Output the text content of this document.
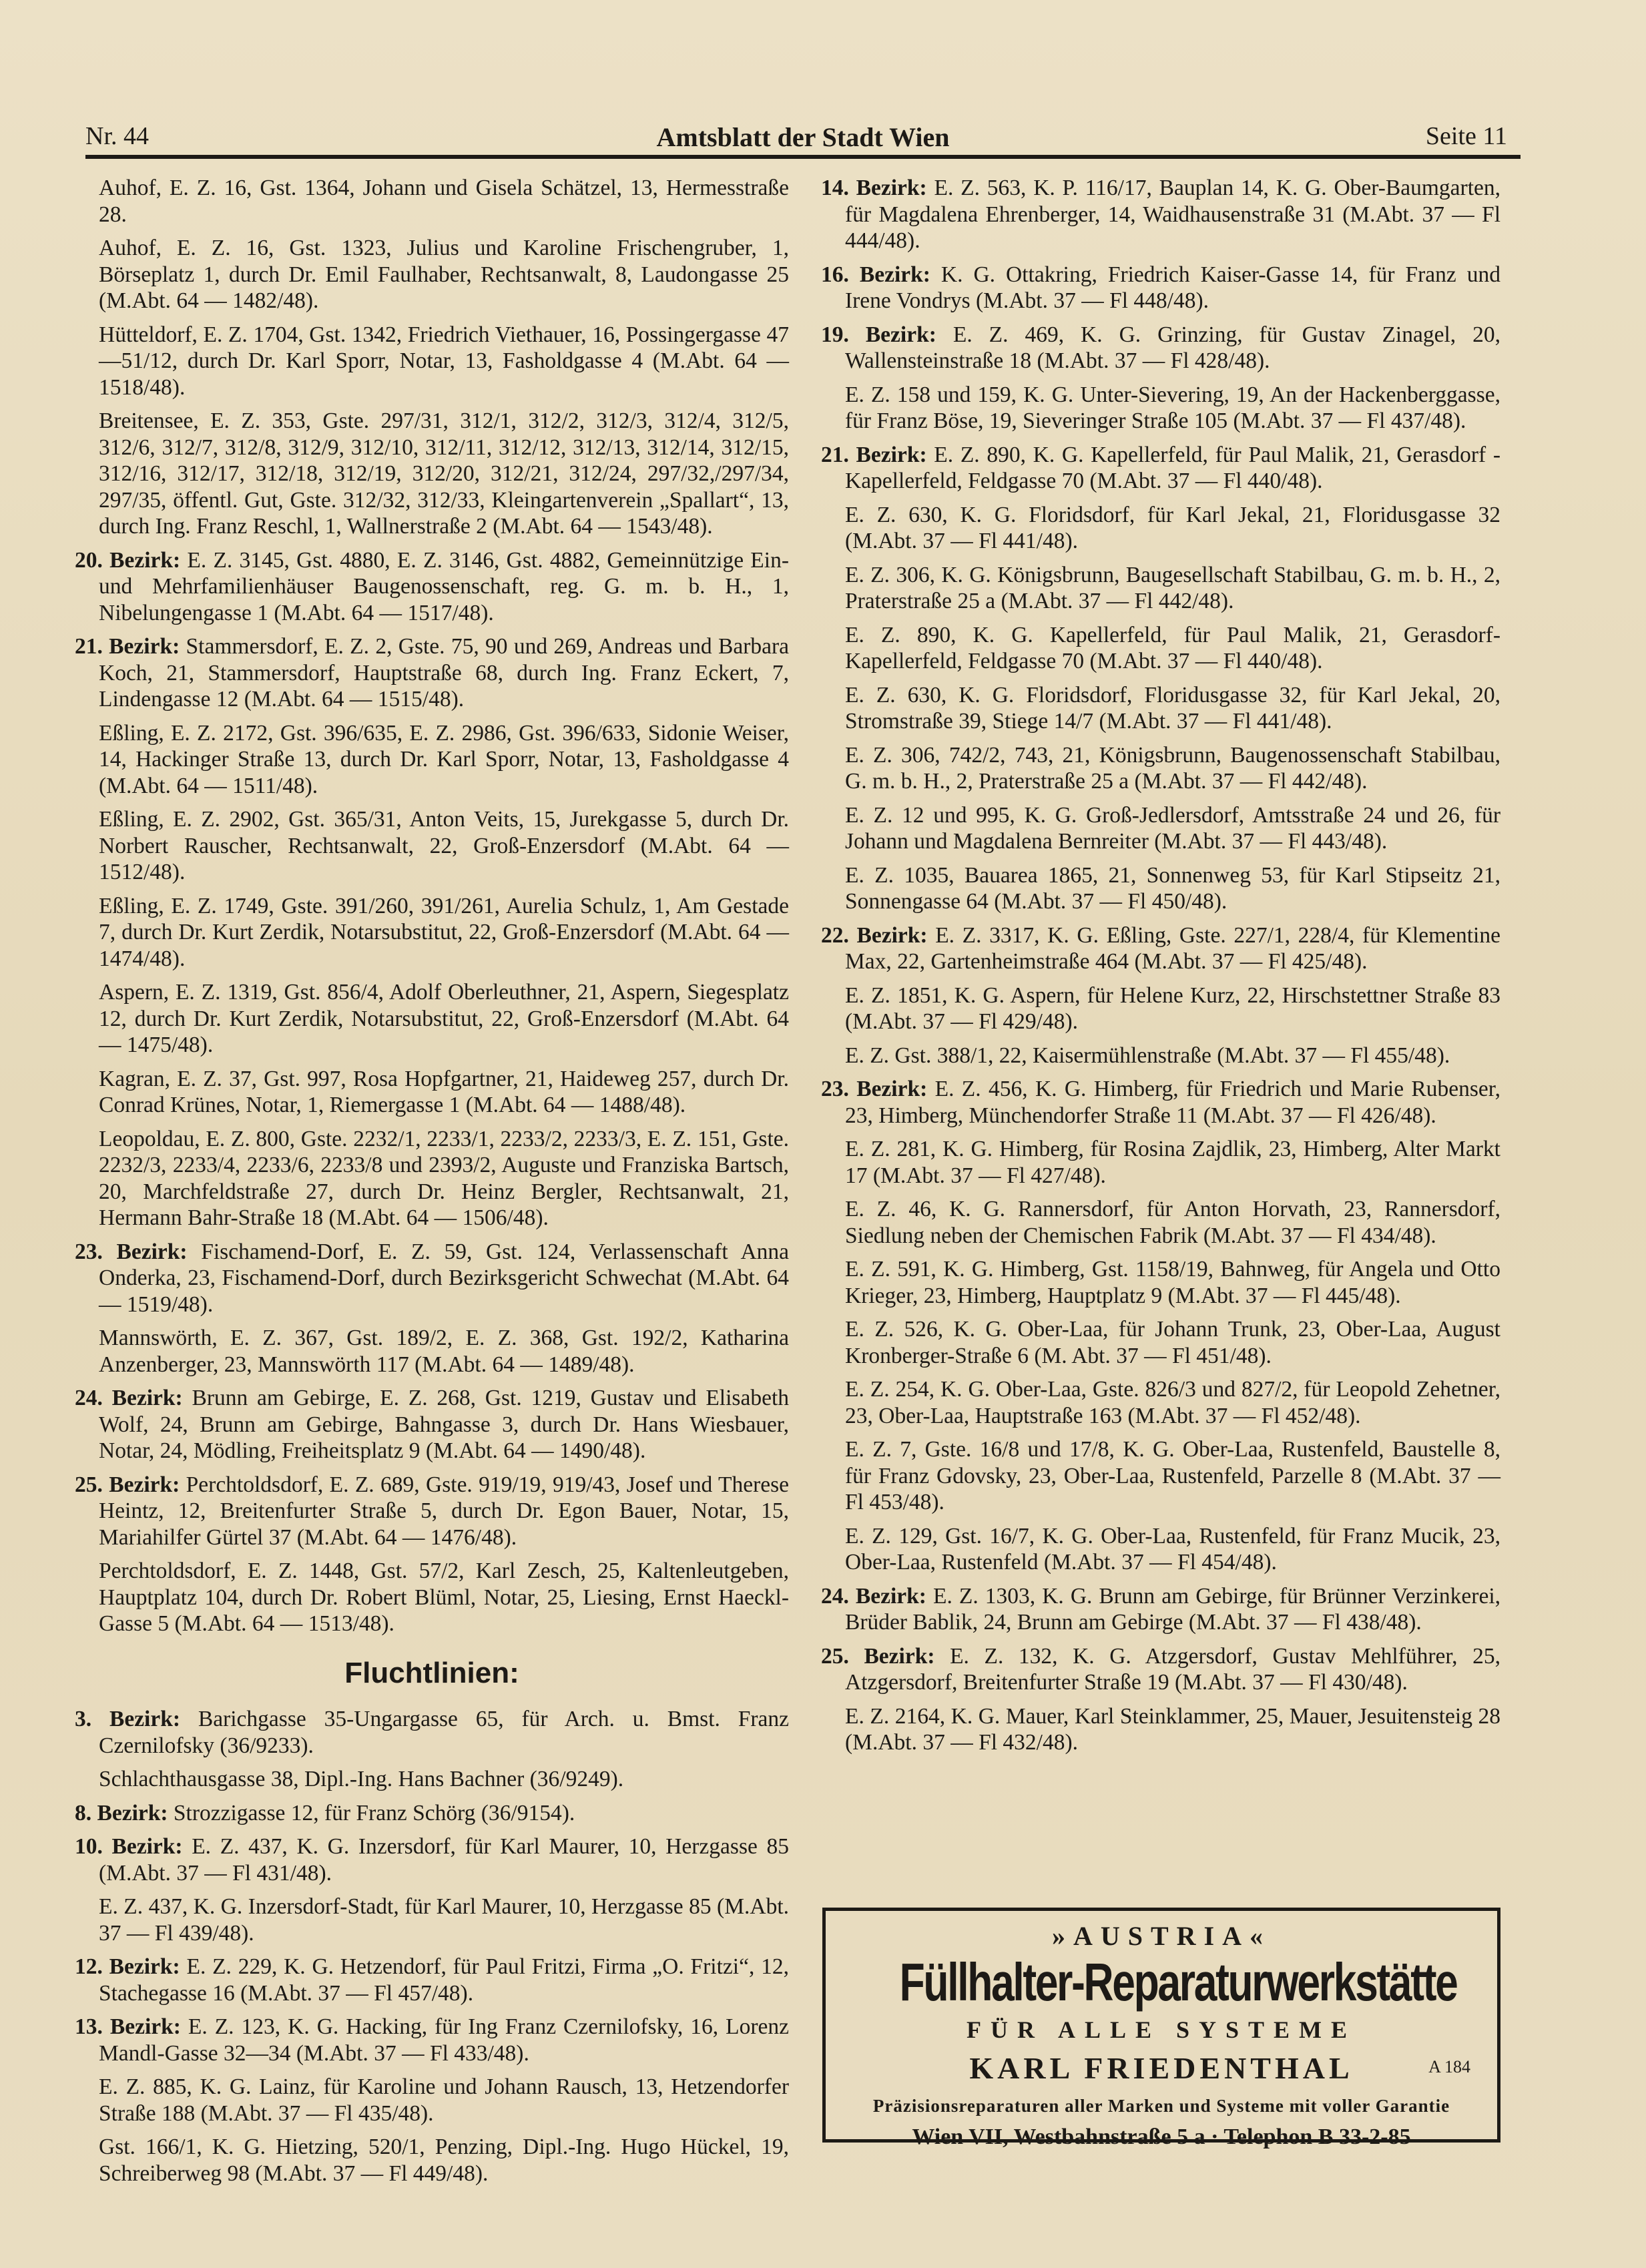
Nr. 44	Amtsblatt der Stadt Wien	Seite 11
Auhof, E. Z. 16, Gst. 1364, Johann und Gisela Schätzel, 13, Hermesstraße 28.
Auhof, E. Z. 16, Gst. 1323, Julius und Karoline Frischengruber, 1, Börseplatz 1, durch Dr. Emil Faulhaber, Rechtsanwalt, 8, Laudongasse 25 (M.Abt. 64 — 1482/48).
Hütteldorf, E. Z. 1704, Gst. 1342, Friedrich Viethauer, 16, Possingergasse 47—51/12, durch Dr. Karl Sporr, Notar, 13, Fasholdgasse 4 (M.Abt. 64 — 1518/48).
Breitensee, E. Z. 353, Gste. 297/31, 312/1, 312/2, 312/3, 312/4, 312/5, 312/6, 312/7, 312/8, 312/9, 312/10, 312/11, 312/12, 312/13, 312/14, 312/15, 312/16, 312/17, 312/18, 312/19, 312/20, 312/21, 312/24, 297/32,/297/34, 297/35, öffentl. Gut, Gste. 312/32, 312/33, Kleingartenverein „Spallart“, 13, durch Ing. Franz Reschl, 1, Wallnerstraße 2 (M.Abt. 64 — 1543/48).
20. Bezirk: E. Z. 3145, Gst. 4880, E. Z. 3146, Gst. 4882, Gemeinnützige Ein- und Mehrfamilienhäuser Baugenossenschaft, reg. G. m. b. H., 1, Nibelungengasse 1 (M.Abt. 64 — 1517/48).
21. Bezirk: Stammersdorf, E. Z. 2, Gste. 75, 90 und 269, Andreas und Barbara Koch, 21, Stammersdorf, Hauptstraße 68, durch Ing. Franz Eckert, 7, Lindengasse 12 (M.Abt. 64 — 1515/48).
Eßling, E. Z. 2172, Gst. 396/635, E. Z. 2986, Gst. 396/633, Sidonie Weiser, 14, Hackinger Straße 13, durch Dr. Karl Sporr, Notar, 13, Fasholdgasse 4 (M.Abt. 64 — 1511/48).
Eßling, E. Z. 2902, Gst. 365/31, Anton Veits, 15, Jurekgasse 5, durch Dr. Norbert Rauscher, Rechtsanwalt, 22, Groß-Enzersdorf (M.Abt. 64 — 1512/48).
Eßling, E. Z. 1749, Gste. 391/260, 391/261, Aurelia Schulz, 1, Am Gestade 7, durch Dr. Kurt Zerdik, Notarsubstitut, 22, Groß-Enzersdorf (M.Abt. 64 — 1474/48).
Aspern, E. Z. 1319, Gst. 856/4, Adolf Oberleuthner, 21, Aspern, Siegesplatz 12, durch Dr. Kurt Zerdik, Notarsubstitut, 22, Groß-Enzersdorf (M.Abt. 64 — 1475/48).
Kagran, E. Z. 37, Gst. 997, Rosa Hopfgartner, 21, Haideweg 257, durch Dr. Conrad Krünes, Notar, 1, Riemergasse 1 (M.Abt. 64 — 1488/48).
Leopoldau, E. Z. 800, Gste. 2232/1, 2233/1, 2233/2, 2233/3, E. Z. 151, Gste. 2232/3, 2233/4, 2233/6, 2233/8 und 2393/2, Auguste und Franziska Bartsch, 20, Marchfeldstraße 27, durch Dr. Heinz Bergler, Rechtsanwalt, 21, Hermann Bahr-Straße 18 (M.Abt. 64 — 1506/48).
23. Bezirk: Fischamend-Dorf, E. Z. 59, Gst. 124, Verlassenschaft Anna Onderka, 23, Fischamend-Dorf, durch Bezirksgericht Schwechat (M.Abt. 64 — 1519/48).
Mannswörth, E. Z. 367, Gst. 189/2, E. Z. 368, Gst. 192/2, Katharina Anzenberger, 23, Mannswörth 117 (M.Abt. 64 — 1489/48).
24. Bezirk: Brunn am Gebirge, E. Z. 268, Gst. 1219, Gustav und Elisabeth Wolf, 24, Brunn am Gebirge, Bahngasse 3, durch Dr. Hans Wiesbauer, Notar, 24, Mödling, Freiheitsplatz 9 (M.Abt. 64 — 1490/48).
25. Bezirk: Perchtoldsdorf, E. Z. 689, Gste. 919/19, 919/43, Josef und Therese Heintz, 12, Breitenfurter Straße 5, durch Dr. Egon Bauer, Notar, 15, Mariahilfer Gürtel 37 (M.Abt. 64 — 1476/48).
Perchtoldsdorf, E. Z. 1448, Gst. 57/2, Karl Zesch, 25, Kaltenleutgeben, Hauptplatz 104, durch Dr. Robert Blüml, Notar, 25, Liesing, Ernst Haeckl-Gasse 5 (M.Abt. 64 — 1513/48).
Fluchtlinien:
3. Bezirk: Barichgasse 35-Ungargasse 65, für Arch. u. Bmst. Franz Czernilofsky (36/9233).
Schlachthausgasse 38, Dipl.-Ing. Hans Bachner (36/9249).
8. Bezirk: Strozzigasse 12, für Franz Schörg (36/9154).
10. Bezirk: E. Z. 437, K. G. Inzersdorf, für Karl Maurer, 10, Herzgasse 85 (M.Abt. 37 — Fl 431/48).
E. Z. 437, K. G. Inzersdorf-Stadt, für Karl Maurer, 10, Herzgasse 85 (M.Abt. 37 — Fl 439/48).
12. Bezirk: E. Z. 229, K. G. Hetzendorf, für Paul Fritzi, Firma „O. Fritzi“, 12, Stachegasse 16 (M.Abt. 37 — Fl 457/48).
13. Bezirk: E. Z. 123, K. G. Hacking, für Ing Franz Czernilofsky, 16, Lorenz Mandl-Gasse 32—34 (M.Abt. 37 — Fl 433/48).
E. Z. 885, K. G. Lainz, für Karoline und Johann Rausch, 13, Hetzendorfer Straße 188 (M.Abt. 37 — Fl 435/48).
Gst. 166/1, K. G. Hietzing, 520/1, Penzing, Dipl.-Ing. Hugo Hückel, 19, Schreiberweg 98 (M.Abt. 37 — Fl 449/48).
14. Bezirk: E. Z. 563, K. P. 116/17, Bauplan 14, K. G. Ober-Baumgarten, für Magdalena Ehrenberger, 14, Waidhausenstraße 31 (M.Abt. 37 — Fl 444/48).
16. Bezirk: K. G. Ottakring, Friedrich Kaiser-Gasse 14, für Franz und Irene Vondrys (M.Abt. 37 — Fl 448/48).
19. Bezirk: E. Z. 469, K. G. Grinzing, für Gustav Zinagel, 20, Wallensteinstraße 18 (M.Abt. 37 — Fl 428/48).
E. Z. 158 und 159, K. G. Unter-Sievering, 19, An der Hackenberggasse, für Franz Böse, 19, Sieveringer Straße 105 (M.Abt. 37 — Fl 437/48).
21. Bezirk: E. Z. 890, K. G. Kapellerfeld, für Paul Malik, 21, Gerasdorf - Kapellerfeld, Feldgasse 70 (M.Abt. 37 — Fl 440/48).
E. Z. 630, K. G. Floridsdorf, für Karl Jekal, 21, Floridusgasse 32 (M.Abt. 37 — Fl 441/48).
E. Z. 306, K. G. Königsbrunn, Baugesellschaft Stabilbau, G. m. b. H., 2, Praterstraße 25 a (M.Abt. 37 — Fl 442/48).
E. Z. 890, K. G. Kapellerfeld, für Paul Malik, 21, Gerasdorf-Kapellerfeld, Feldgasse 70 (M.Abt. 37 — Fl 440/48).
E. Z. 630, K. G. Floridsdorf, Floridusgasse 32, für Karl Jekal, 20, Stromstraße 39, Stiege 14/7 (M.Abt. 37 — Fl 441/48).
E. Z. 306, 742/2, 743, 21, Königsbrunn, Baugenossenschaft Stabilbau, G. m. b. H., 2, Praterstraße 25 a (M.Abt. 37 — Fl 442/48).
E. Z. 12 und 995, K. G. Groß-Jedlersdorf, Amtsstraße 24 und 26, für Johann und Magdalena Bernreiter (M.Abt. 37 — Fl 443/48).
E. Z. 1035, Bauarea 1865, 21, Sonnenweg 53, für Karl Stipseitz 21, Sonnengasse 64 (M.Abt. 37 — Fl 450/48).
22. Bezirk: E. Z. 3317, K. G. Eßling, Gste. 227/1, 228/4, für Klementine Max, 22, Gartenheimstraße 464 (M.Abt. 37 — Fl 425/48).
E. Z. 1851, K. G. Aspern, für Helene Kurz, 22, Hirschstettner Straße 83 (M.Abt. 37 — Fl 429/48).
E. Z. Gst. 388/1, 22, Kaisermühlenstraße (M.Abt. 37 — Fl 455/48).
23. Bezirk: E. Z. 456, K. G. Himberg, für Friedrich und Marie Rubenser, 23, Himberg, Münchendorfer Straße 11 (M.Abt. 37 — Fl 426/48).
E. Z. 281, K. G. Himberg, für Rosina Zajdlik, 23, Himberg, Alter Markt 17 (M.Abt. 37 — Fl 427/48).
E. Z. 46, K. G. Rannersdorf, für Anton Horvath, 23, Rannersdorf, Siedlung neben der Chemischen Fabrik (M.Abt. 37 — Fl 434/48).
E. Z. 591, K. G. Himberg, Gst. 1158/19, Bahnweg, für Angela und Otto Krieger, 23, Himberg, Hauptplatz 9 (M.Abt. 37 — Fl 445/48).
E. Z. 526, K. G. Ober-Laa, für Johann Trunk, 23, Ober-Laa, August Kronberger-Straße 6 (M. Abt. 37 — Fl 451/48).
E. Z. 254, K. G. Ober-Laa, Gste. 826/3 und 827/2, für Leopold Zehetner, 23, Ober-Laa, Hauptstraße 163 (M.Abt. 37 — Fl 452/48).
E. Z. 7, Gste. 16/8 und 17/8, K. G. Ober-Laa, Rustenfeld, Baustelle 8, für Franz Gdovsky, 23, Ober-Laa, Rustenfeld, Parzelle 8 (M.Abt. 37 — Fl 453/48).
E. Z. 129, Gst. 16/7, K. G. Ober-Laa, Rustenfeld, für Franz Mucik, 23, Ober-Laa, Rustenfeld (M.Abt. 37 — Fl 454/48).
24. Bezirk: E. Z. 1303, K. G. Brunn am Gebirge, für Brünner Verzinkerei, Brüder Bablik, 24, Brunn am Gebirge (M.Abt. 37 — Fl 438/48).
25. Bezirk: E. Z. 132, K. G. Atzgersdorf, Gustav Mehlführer, 25, Atzgersdorf, Breitenfurter Straße 19 (M.Abt. 37 — Fl 430/48).
E. Z. 2164, K. G. Mauer, Karl Steinklammer, 25, Mauer, Jesuitensteig 28 (M.Abt. 37 — Fl 432/48).
»AUSTRIA«
Füllhalter-Reparaturwerkstätte
FÜR ALLE SYSTEME
KARL FRIEDENTHAL	A 184
Präzisionsreparaturen aller Marken und Systeme mit voller Garantie
Wien VII, Westbahnstraße 5 a · Telephon B 33-2-85
